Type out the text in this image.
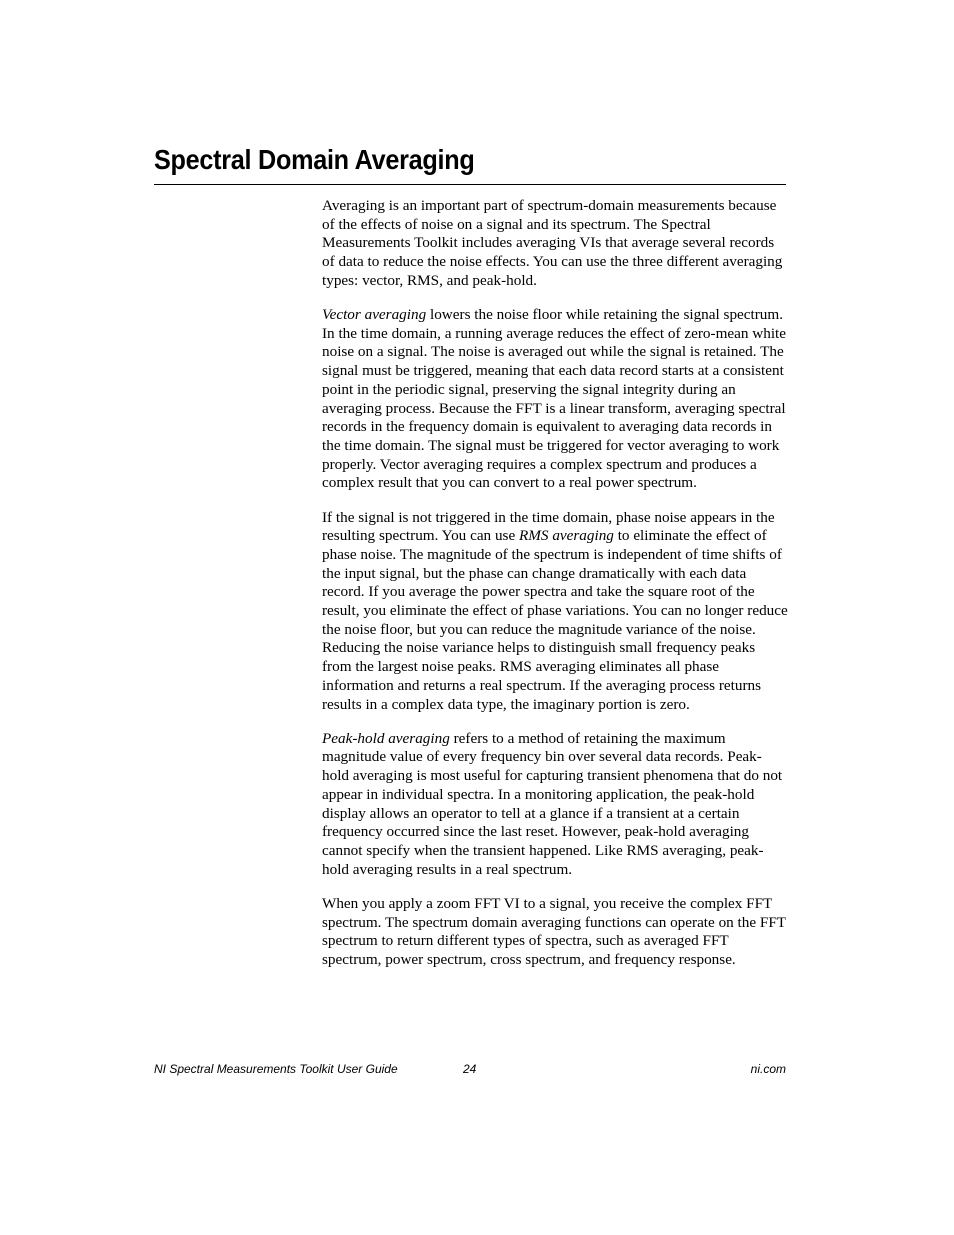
Spectral Domain Averaging

Averaging is an important part of spectrum-domain measurements because of the effects of noise on a signal and its spectrum. The Spectral Measurements Toolkit includes averaging VIs that average several records of data to reduce the noise effects. You can use the three different averaging types: vector, RMS, and peak-hold.

Vector averaging lowers the noise floor while retaining the signal spectrum. In the time domain, a running average reduces the effect of zero-mean white noise on a signal. The noise is averaged out while the signal is retained. The signal must be triggered, meaning that each data record starts at a consistent point in the periodic signal, preserving the signal integrity during an averaging process. Because the FFT is a linear transform, averaging spectral records in the frequency domain is equivalent to averaging data records in the time domain. The signal must be triggered for vector averaging to work properly. Vector averaging requires a complex spectrum and produces a complex result that you can convert to a real power spectrum.

If the signal is not triggered in the time domain, phase noise appears in the resulting spectrum. You can use RMS averaging to eliminate the effect of phase noise. The magnitude of the spectrum is independent of time shifts of the input signal, but the phase can change dramatically with each data record. If you average the power spectra and take the square root of the result, you eliminate the effect of phase variations. You can no longer reduce the noise floor, but you can reduce the magnitude variance of the noise. Reducing the noise variance helps to distinguish small frequency peaks from the largest noise peaks. RMS averaging eliminates all phase information and returns a real spectrum. If the averaging process returns results in a complex data type, the imaginary portion is zero.

Peak-hold averaging refers to a method of retaining the maximum magnitude value of every frequency bin over several data records. Peak-hold averaging is most useful for capturing transient phenomena that do not appear in individual spectra. In a monitoring application, the peak-hold display allows an operator to tell at a glance if a transient at a certain frequency occurred since the last reset. However, peak-hold averaging cannot specify when the transient happened. Like RMS averaging, peak-hold averaging results in a real spectrum.

When you apply a zoom FFT VI to a signal, you receive the complex FFT spectrum. The spectrum domain averaging functions can operate on the FFT spectrum to return different types of spectra, such as averaged FFT spectrum, power spectrum, cross spectrum, and frequency response.

NI Spectral Measurements Toolkit User Guide	24	ni.com
